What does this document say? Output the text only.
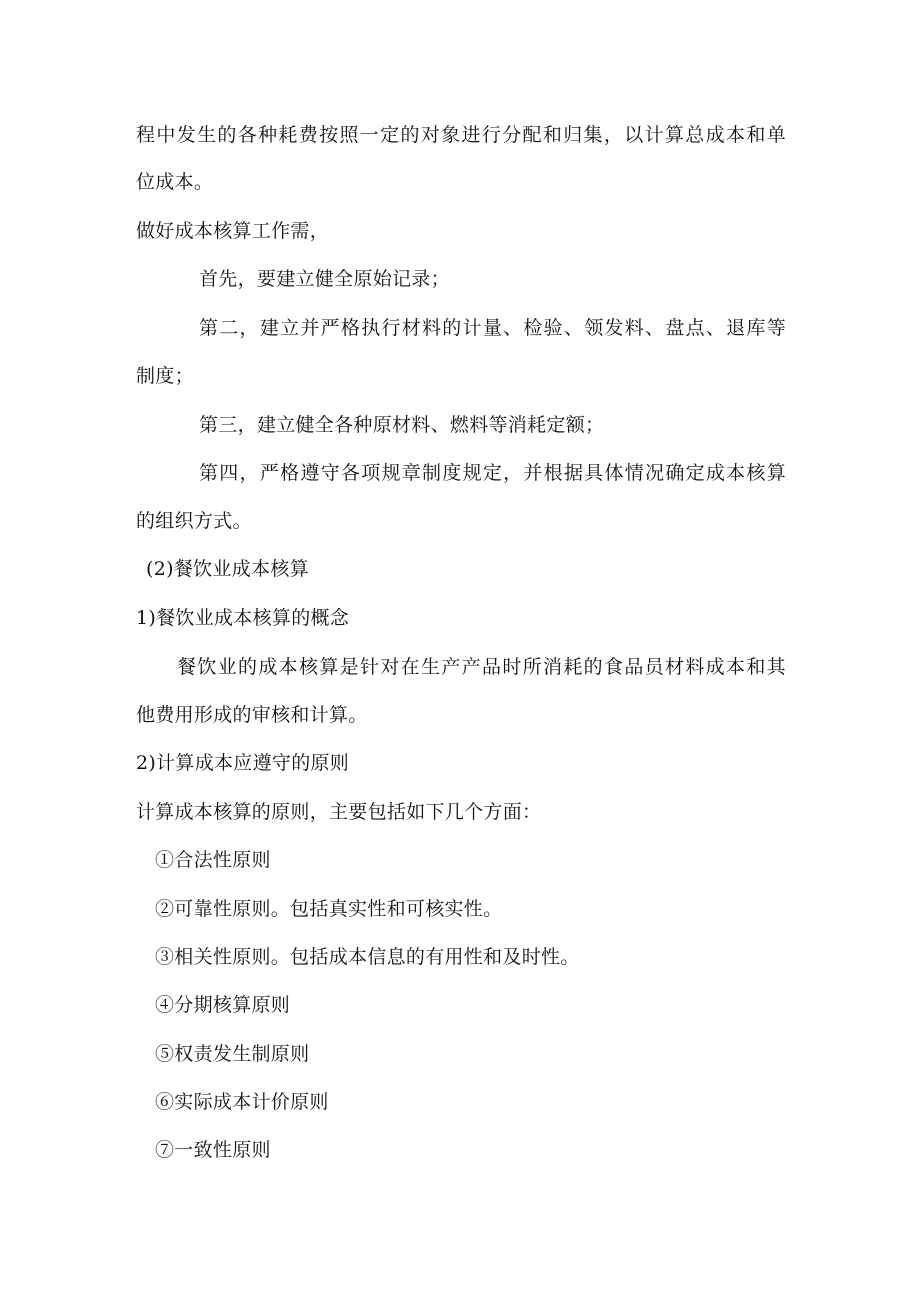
程中发生的各种耗费按照一定的对象进行分配和归集，以计算总成本和单
位成本。
做好成本核算工作需，
首先，要建立健全原始记录；
第二，建立并严格执行材料的计量、检验、领发料、盘点、退库等
制度；
第三，建立健全各种原材料、燃料等消耗定额；
第四，严格遵守各项规章制度规定，并根据具体情况确定成本核算
的组织方式。
(2)餐饮业成本核算
1)餐饮业成本核算的概念
餐饮业的成本核算是针对在生产产品时所消耗的食品员材料成本和其
他费用形成的审核和计算。
2)计算成本应遵守的原则
计算成本核算的原则，主要包括如下几个方面：
①合法性原则
②可靠性原则。包括真实性和可核实性。
③相关性原则。包括成本信息的有用性和及时性。
④分期核算原则
⑤权责发生制原则
⑥实际成本计价原则
⑦一致性原则
